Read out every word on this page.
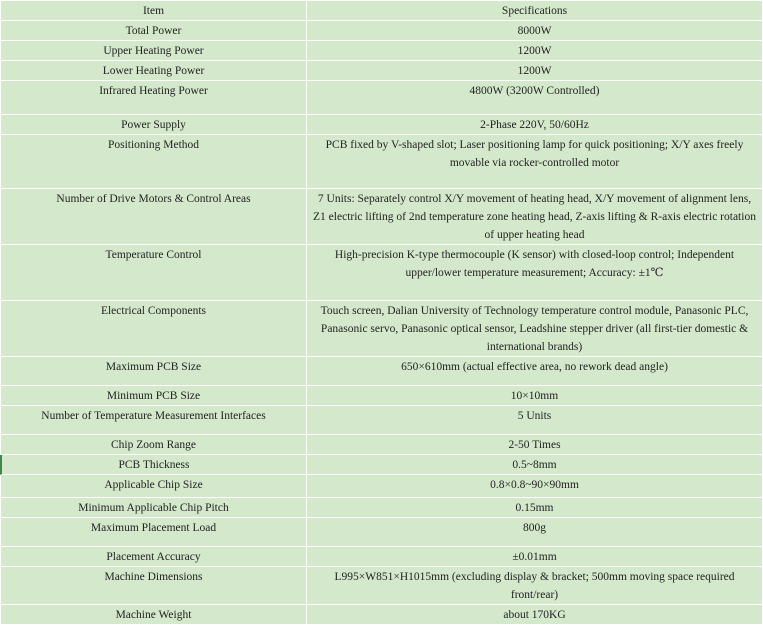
Item	Specifications
Total Power	8000W
Upper Heating Power	1200W
Lower Heating Power	1200W
Infrared Heating Power	4800W (3200W Controlled)
Power Supply	2-Phase 220V, 50/60Hz
Positioning Method	PCB fixed by V-shaped slot; Laser positioning lamp for quick positioning; X/Y axes freely movable via rocker-controlled motor
Number of Drive Motors & Control Areas	7 Units: Separately control X/Y movement of heating head, X/Y movement of alignment lens, Z1 electric lifting of 2nd temperature zone heating head, Z-axis lifting & R-axis electric rotation of upper heating head
Temperature Control	High-precision K-type thermocouple (K sensor) with closed-loop control; Independent upper/lower temperature measurement; Accuracy: ±1℃
Electrical Components	Touch screen, Dalian University of Technology temperature control module, Panasonic PLC, Panasonic servo, Panasonic optical sensor, Leadshine stepper driver (all first-tier domestic & international brands)
Maximum PCB Size	650×610mm (actual effective area, no rework dead angle)
Minimum PCB Size	10×10mm
Number of Temperature Measurement Interfaces	5 Units
Chip Zoom Range	2-50 Times
PCB Thickness	0.5~8mm
Applicable Chip Size	0.8×0.8~90×90mm
Minimum Applicable Chip Pitch	0.15mm
Maximum Placement Load	800g
Placement Accuracy	±0.01mm
Machine Dimensions	L995×W851×H1015mm (excluding display & bracket; 500mm moving space required front/rear)
Machine Weight	about 170KG
